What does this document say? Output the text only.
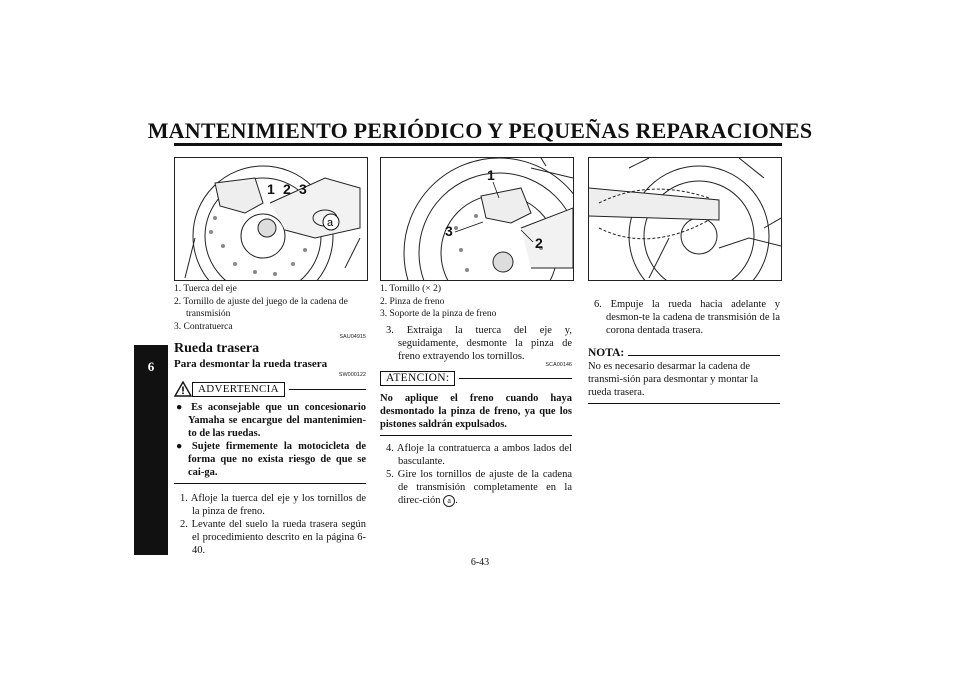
MANTENIMIENTO PERIÓDICO Y PEQUEÑAS REPARACIONES
6
1 2 3
a
1. Tuerca del eje
2. Tornillo de ajuste del juego de la cadena de transmisión
3. Contratuerca
SAU04915
Rueda trasera
Para desmontar la rueda trasera
SW000122
ADVERTENCIA
● Es aconsejable que un concesionario Yamaha se encargue del mantenimien-to de las ruedas.
● Sujete firmemente la motocicleta de forma que no exista riesgo de que se cai-ga.
1. Afloje la tuerca del eje y los tornillos de la pinza de freno.
2. Levante del suelo la rueda trasera según el procedimiento descrito en la página 6-40.
1
2
3
1. Tornillo (× 2)
2. Pinza de freno
3. Soporte de la pinza de freno
3. Extraiga la tuerca del eje y, seguidamente, desmonte la pinza de freno extrayendo los tornillos.
SCA00146
ATENCION:
No aplique el freno cuando haya desmontado la pinza de freno, ya que los pistones saldrán expulsados.
4. Afloje la contratuerca a ambos lados del basculante.
5. Gire los tornillos de ajuste de la cadena de transmisión completamente en la direc-ción a .
6. Empuje la rueda hacia adelante y desmon-te la cadena de transmisión de la corona dentada trasera.
NOTA:
No es necesario desarmar la cadena de transmi-sión para desmontar y montar la rueda trasera.
6-43
